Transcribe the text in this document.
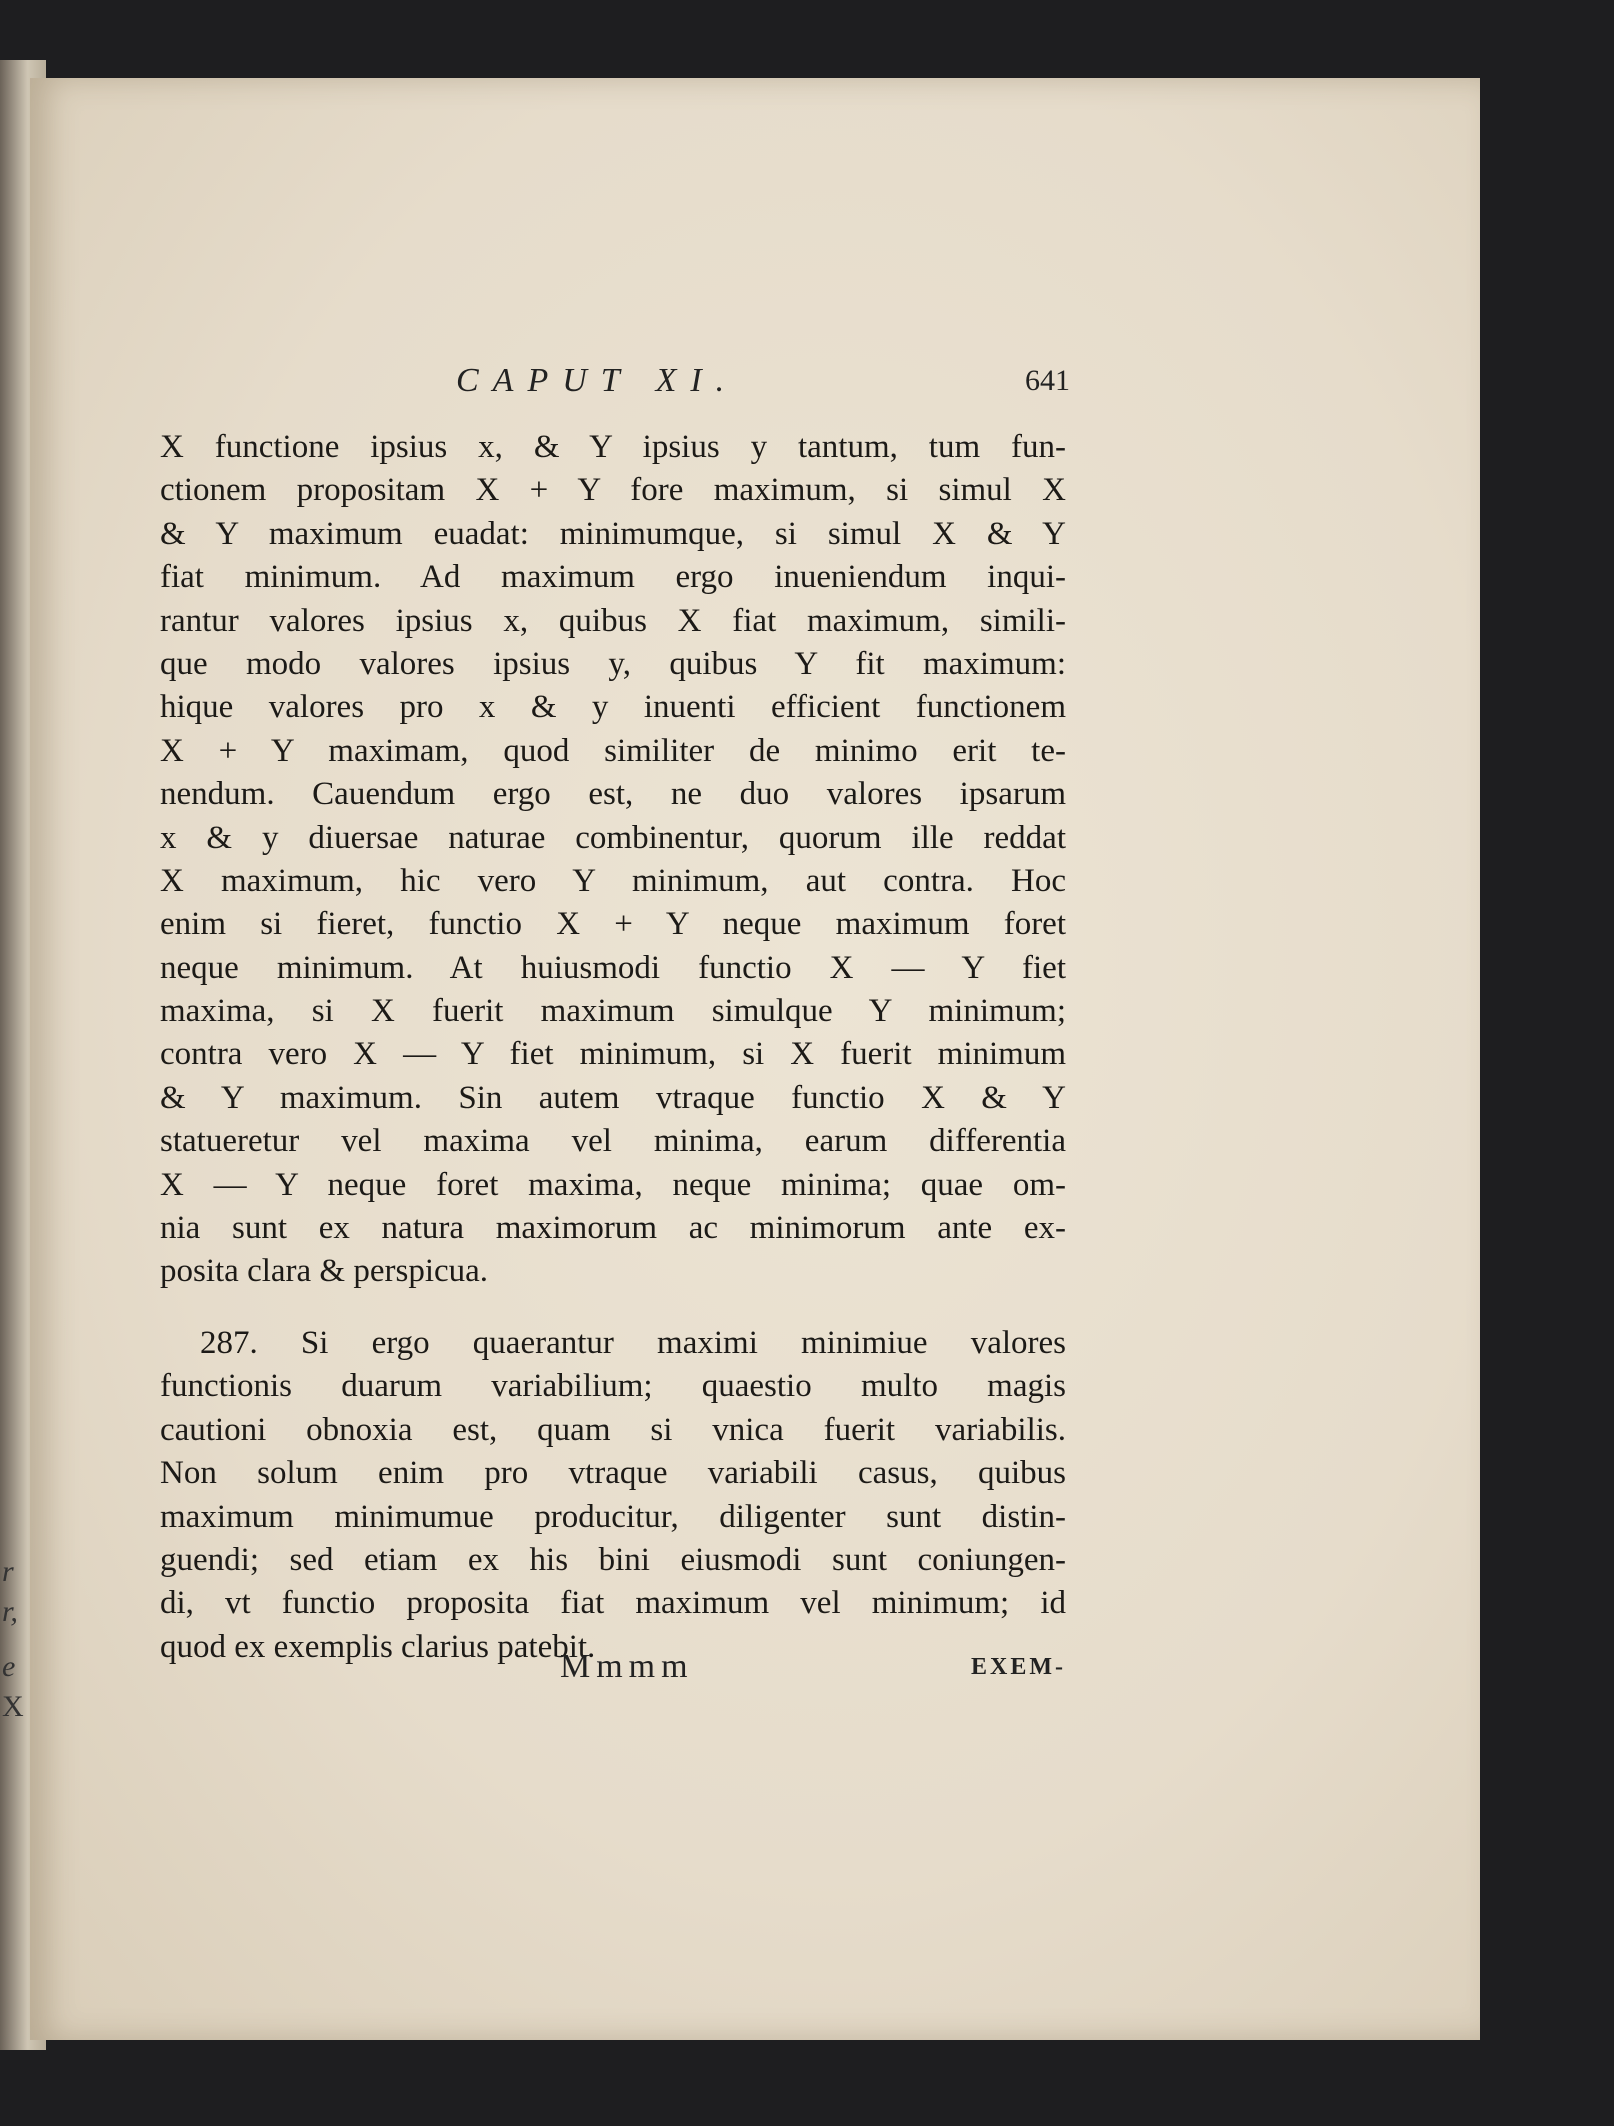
r
r,
e
X
CAPUT XI.	641
X functione ipsius x, & Y ipsius y tantum, tum fun-
ctionem propositam X + Y fore maximum, si simul X
& Y maximum euadat: minimumque, si simul X & Y
fiat minimum. Ad maximum ergo inueniendum inqui-
rantur valores ipsius x, quibus X fiat maximum, simili-
que modo valores ipsius y, quibus Y fit maximum:
hique valores pro x & y inuenti efficient functionem
X + Y maximam, quod similiter de minimo erit te-
nendum. Cauendum ergo est, ne duo valores ipsarum
x & y diuersae naturae combinentur, quorum ille reddat
X maximum, hic vero Y minimum, aut contra. Hoc
enim si fieret, functio X + Y neque maximum foret
neque minimum. At huiusmodi functio X — Y fiet
maxima, si X fuerit maximum simulque Y minimum;
contra vero X — Y fiet minimum, si X fuerit minimum
& Y maximum. Sin autem vtraque functio X & Y
statueretur vel maxima vel minima, earum differentia
X — Y neque foret maxima, neque minima; quae om-
nia sunt ex natura maximorum ac minimorum ante ex-
posita clara & perspicua.
287. Si ergo quaerantur maximi minimiue valores
functionis duarum variabilium; quaestio multo magis
cautioni obnoxia est, quam si vnica fuerit variabilis.
Non solum enim pro vtraque variabili casus, quibus
maximum minimumue producitur, diligenter sunt distin-
guendi; sed etiam ex his bini eiusmodi sunt coniungen-
di, vt functio proposita fiat maximum vel minimum; id
quod ex exemplis clarius patebit.
Mmmm	EXEM-
